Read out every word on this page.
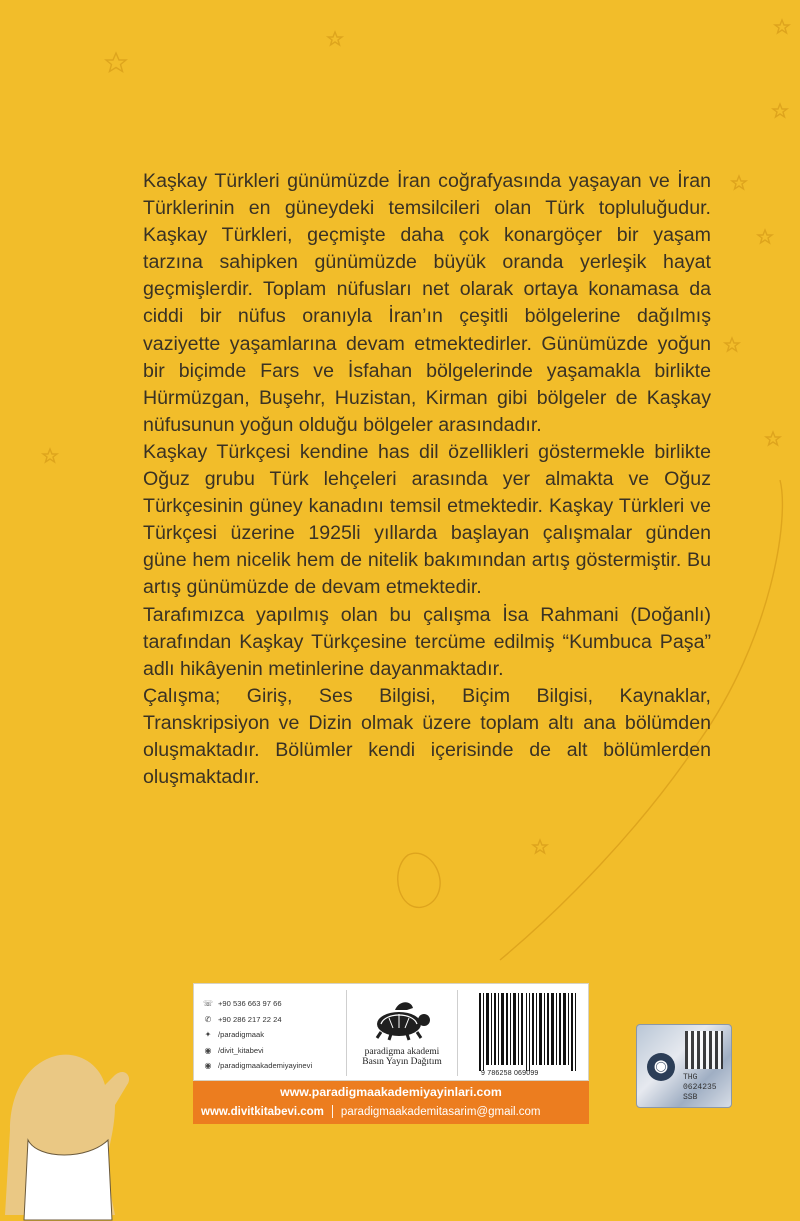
Kaşkay Türkleri günümüzde İran coğrafyasında yaşayan ve İran Türklerinin en güneydeki temsilcileri olan Türk topluluğudur. Kaşkay Türkleri, geçmişte daha çok konargöçer bir yaşam tarzına sahipken günümüzde büyük oranda yerleşik hayat geçmişlerdir. Toplam nüfusları net olarak ortaya konamasa da ciddi bir nüfus oranıyla İran’ın çeşitli bölgelerine dağılmış vaziyette yaşamlarına devam etmektedirler. Günümüzde yoğun bir biçimde Fars ve İsfahan bölgelerinde yaşamakla birlikte Hürmüzgan, Buşehr, Huzistan, Kirman gibi bölgeler de Kaşkay nüfusunun yoğun olduğu bölgeler arasındadır.

Kaşkay Türkçesi kendine has dil özellikleri göstermekle birlikte Oğuz grubu Türk lehçeleri arasında yer almakta ve Oğuz Türkçesinin güney kanadını temsil etmektedir. Kaşkay Türkleri ve Türkçesi üzerine 1925li yıllarda başlayan çalışmalar günden güne hem nicelik hem de nitelik bakımından artış göstermiştir. Bu artış günümüzde de devam etmektedir.

Tarafımızca yapılmış olan bu çalışma İsa Rahmani (Doğanlı) tarafından Kaşkay Türkçesine tercüme edilmiş “Kumbuca Paşa” adlı hikâyenin metinlerine dayanmaktadır.

Çalışma; Giriş, Ses Bilgisi, Biçim Bilgisi, Kaynaklar, Transkripsiyon ve Dizin olmak üzere toplam altı ana bölümden oluşmaktadır. Bölümler kendi içerisinde de alt bölümlerden oluşmaktadır.

☏ +90 536 663 97 66
✆ +90 286 217 22 24
✦ /paradigmaak
◉ /divit_kitabevi
◉ /paradigmaakademiyayinevi
paradigma akademi
Basın Yayın Dağıtım
9 786258 069099
www.paradigmaakademiyayinlari.com
www.divitkitabevi.com paradigmaakademitasarim@gmail.com
◉
THG
0624235
SSB
